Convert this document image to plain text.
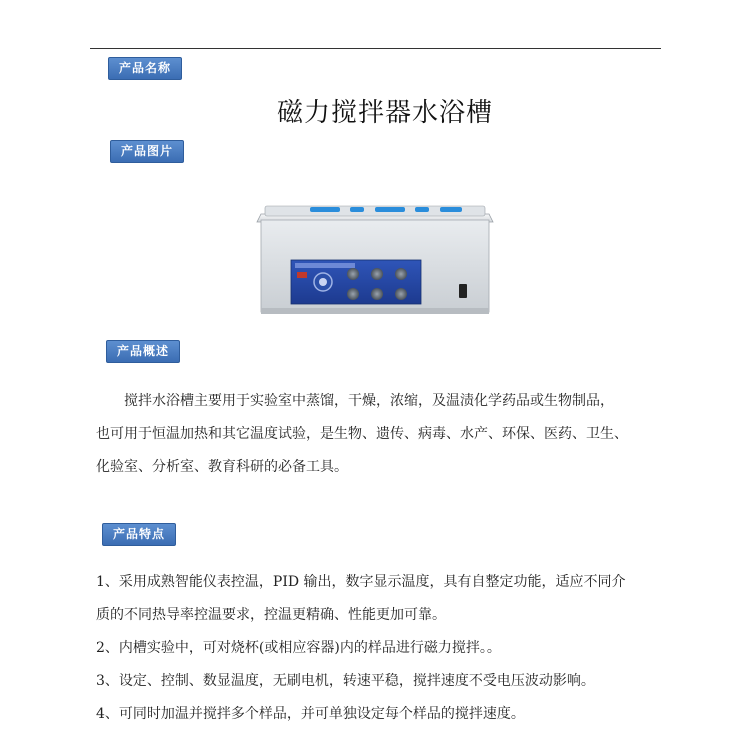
产品名称
磁力搅拌器水浴槽
产品图片
产品概述

搅拌水浴槽主要用于实验室中蒸馏，干燥，浓缩，及温渍化学药品或生物制品，

也可用于恒温加热和其它温度试验，是生物、遗传、病毒、水产、环保、医药、卫生、

化验室、分析室、教育科研的必备工具。

产品特点

1、采用成熟智能仪表控温，PID 输出，数字显示温度，具有自整定功能，适应不同介

质的不同热导率控温要求，控温更精确、性能更加可靠。

2、内槽实验中，可对烧杯(或相应容器)内的样品进行磁力搅拌。。

3、设定、控制、数显温度，无刷电机，转速平稳，搅拌速度不受电压波动影响。

4、可同时加温并搅拌多个样品，并可单独设定每个样品的搅拌速度。
